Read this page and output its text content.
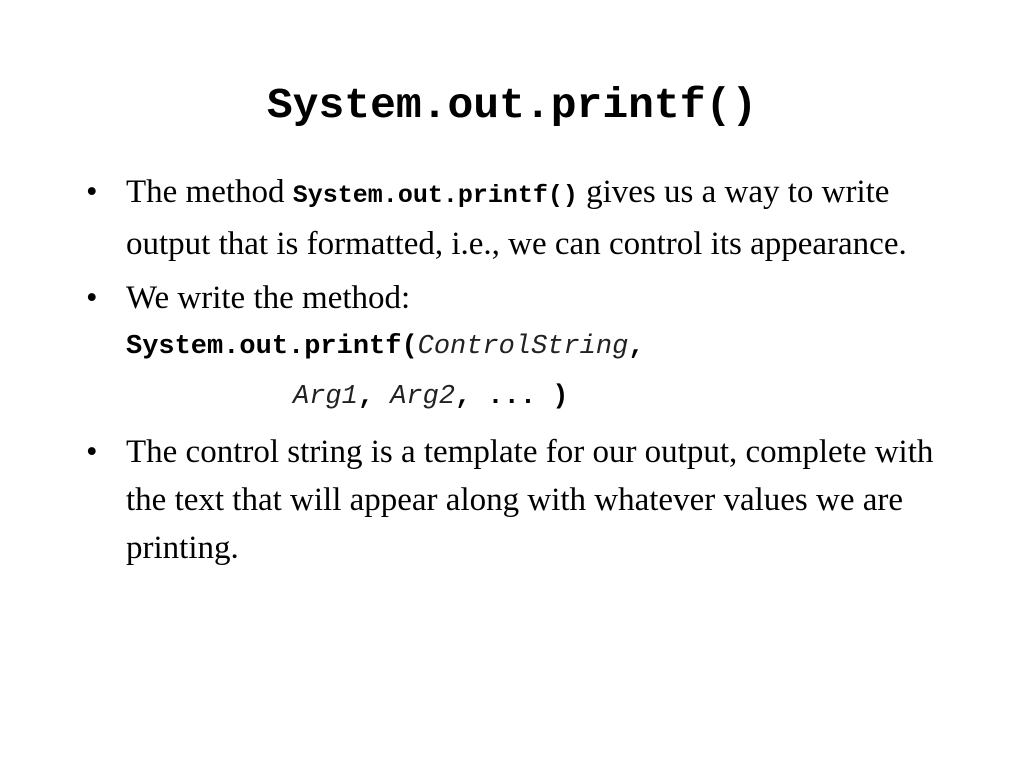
System.out.printf()
• The method System.out.printf() gives us a way to write output that is formatted, i.e., we can control its appearance.
• We write the method:
System.out.printf(ControlString,
Arg1, Arg2, ... )
• The control string is a template for our output, complete with the text that will appear along with whatever values we are printing.
